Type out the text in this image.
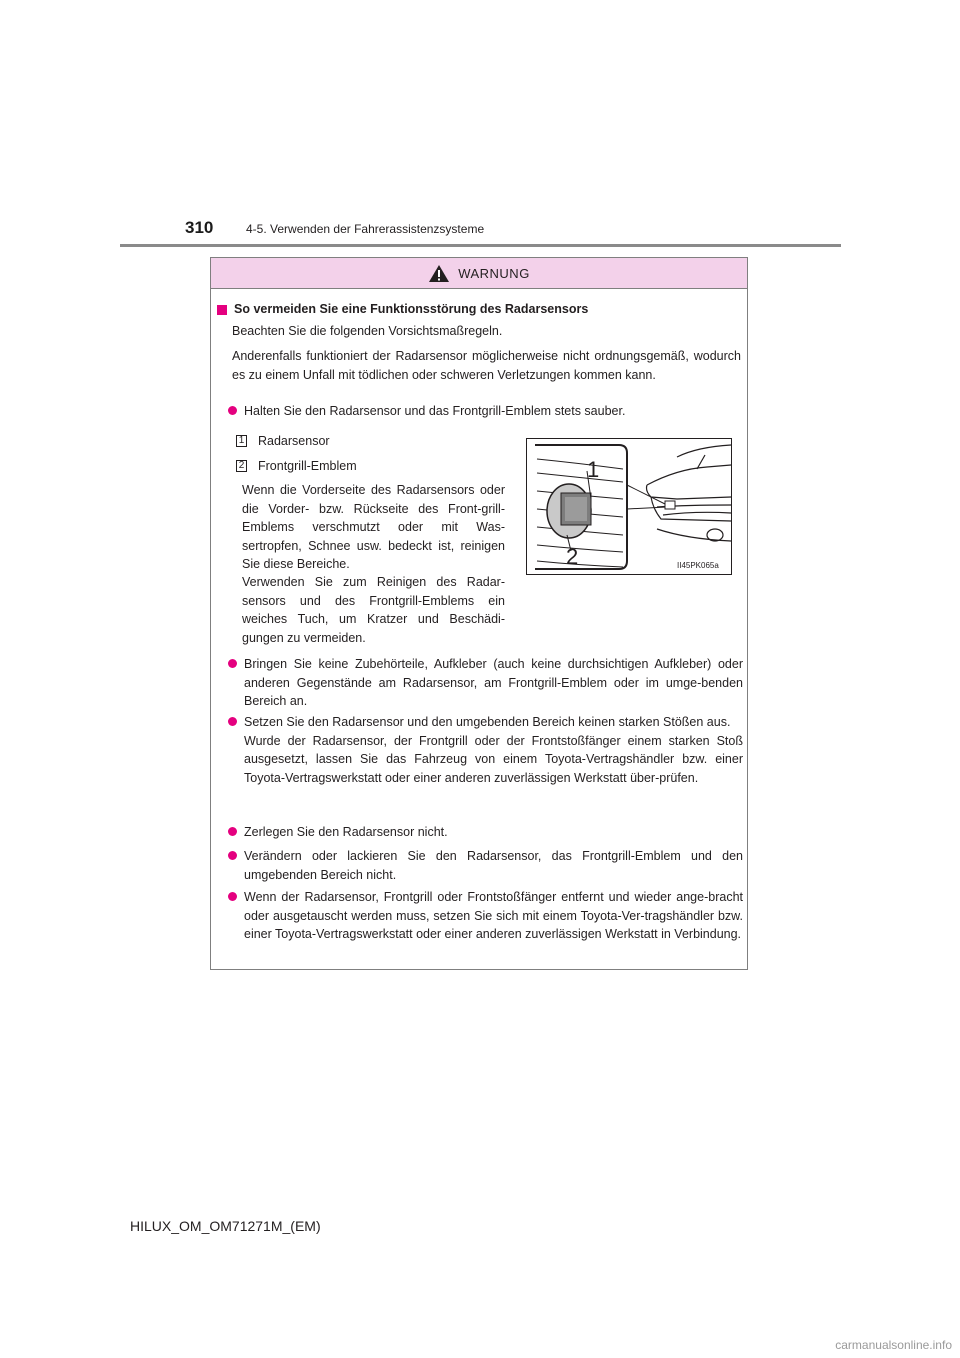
310	4-5. Verwenden der Fahrerassistenzsysteme
WARNUNG
So vermeiden Sie eine Funktionsstörung des Radarsensors

Beachten Sie die folgenden Vorsichtsmaßregeln.

Anderenfalls funktioniert der Radarsensor möglicherweise nicht ordnungsgemäß, wodurch es zu einem Unfall mit tödlichen oder schweren Verletzungen kommen kann.

Halten Sie den Radarsensor und das Frontgrill-Emblem stets sauber.
1 Radarsensor
2 Frontgrill-Emblem

Wenn die Vorderseite des Radarsensors oder die Vorder- bzw. Rückseite des Front-grill-Emblems verschmutzt oder mit Was-sertropfen, Schnee usw. bedeckt ist, reinigen Sie diese Bereiche.

Verwenden Sie zum Reinigen des Radar-sensors und des Frontgrill-Emblems ein weiches Tuch, um Kratzer und Beschädi-gungen zu vermeiden.

1
2	II45PK065a
Bringen Sie keine Zubehörteile, Aufkleber (auch keine durchsichtigen Aufkleber) oder anderen Gegenstände am Radarsensor, am Frontgrill-Emblem oder im umge-benden Bereich an.
Setzen Sie den Radarsensor und den umgebenden Bereich keinen starken Stößen aus.
Wurde der Radarsensor, der Frontgrill oder der Frontstoßfänger einem starken Stoß ausgesetzt, lassen Sie das Fahrzeug von einem Toyota-Vertragshändler bzw. einer Toyota-Vertragswerkstatt oder einer anderen zuverlässigen Werkstatt über-prüfen.
Zerlegen Sie den Radarsensor nicht.
Verändern oder lackieren Sie den Radarsensor, das Frontgrill-Emblem und den umgebenden Bereich nicht.
Wenn der Radarsensor, Frontgrill oder Frontstoßfänger entfernt und wieder ange-bracht oder ausgetauscht werden muss, setzen Sie sich mit einem Toyota-Ver-tragshändler bzw. einer Toyota-Vertragswerkstatt oder einer anderen zuverlässigen Werkstatt in Verbindung.
HILUX_OM_OM71271M_(EM)
carmanualsonline.info
